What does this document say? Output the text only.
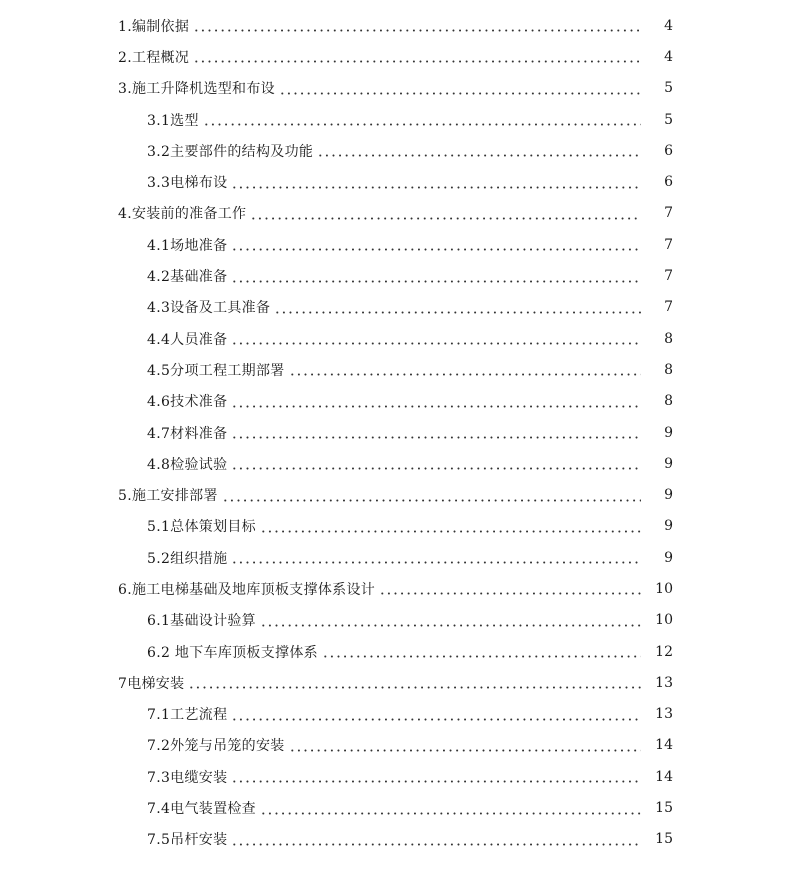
1.编制依据	4
2.工程概况	4
3.施工升降机选型和布设	5
3.1选型	5
3.2主要部件的结构及功能	6
3.3电梯布设	6
4.安装前的准备工作	7
4.1场地准备	7
4.2基础准备	7
4.3设备及工具准备	7
4.4人员准备	8
4.5分项工程工期部署	8
4.6技术准备	8
4.7材料准备	9
4.8检验试验	9
5.施工安排部署	9
5.1总体策划目标	9
5.2组织措施	9
6.施工电梯基础及地库顶板支撑体系设计	10
6.1基础设计验算	10
6.2 地下车库顶板支撑体系	12
7电梯安装	13
7.1工艺流程	13
7.2外笼与吊笼的安装	14
7.3电缆安装	14
7.4电气装置检查	15
7.5吊杆安装	15
